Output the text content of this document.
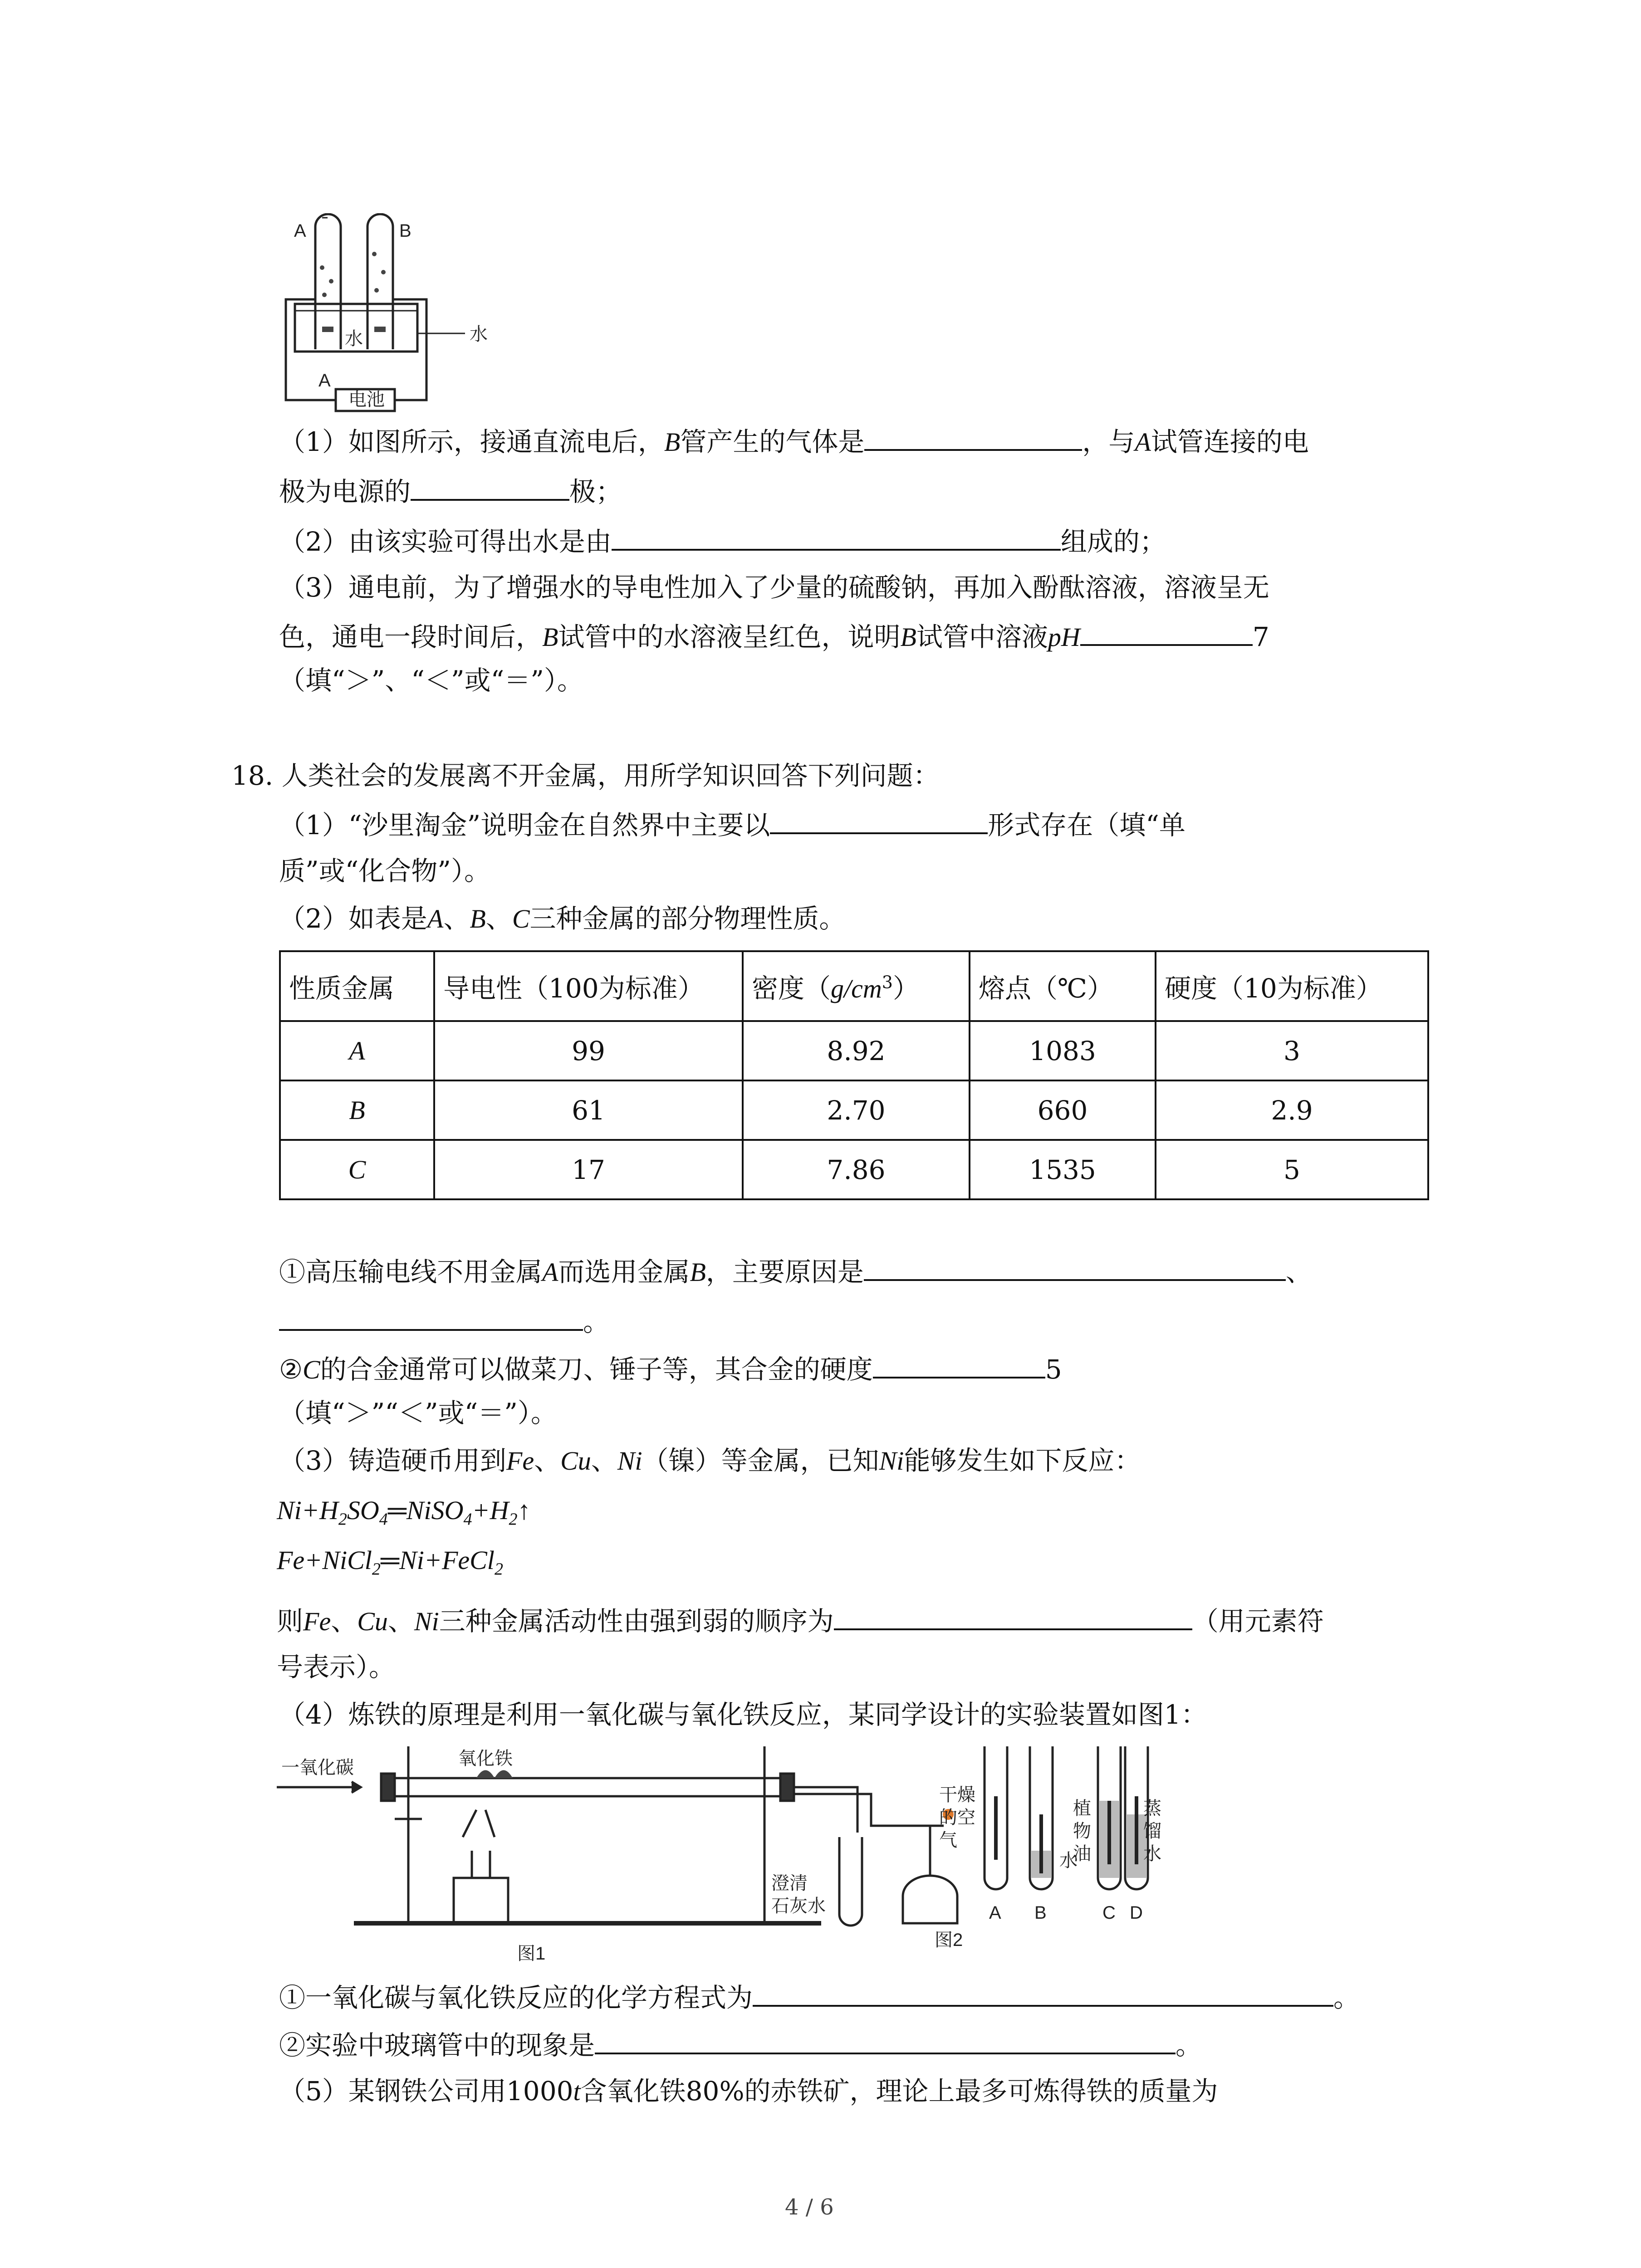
A	B
水
水
A
电池
（1）如图所示，接通直流电后，B管产生的气体是	，与A试管连接的电
极为电源的	极；
（2）由该实验可得出水是由	组成的；
（3）通电前，为了增强水的导电性加入了少量的硫酸钠，再加入酚酞溶液，溶液呈无
色，通电一段时间后，B试管中的水溶液呈红色，说明B试管中溶液pH	7
（填“＞”、“＜”或“＝”）。
18. 人类社会的发展离不开金属，用所学知识回答下列问题：
（1）“沙里淘金”说明金在自然界中主要以	形式存在（填“单
质”或“化合物”）。
（2）如表是A、B、C三种金属的部分物理性质。
性质金属	导电性（100为标准）	密度$(g/cm^3)$	熔点（℃）	硬度（10为标准）
A	99	8.92	1083	3
B	61	2.70	660	2.9
C	17	7.86	1535	5
①高压输电线不用金属A而选用金属B，主要原因是	、
。
②C的合金通常可以做菜刀、锤子等，其合金的硬度	5
（填“＞”“＜”或“＝”）。
（3）铸造硬币用到Fe、Cu、Ni（镍）等金属，已知Ni能够发生如下反应：
$Ni+H_2SO_4═NiSO_4+H_2↑$
Fe+NiCl$_2$═Ni+FeCl$_2$
则Fe、Cu、Ni三种金属活动性由强到弱的顺序为	（用元素符
号表示）。
（4）炼铁的原理是利用一氧化碳与氧化铁反应，某同学设计的实验装置如图1：
一氧化碳	氧化铁
澄清
石灰水
图1
干燥
的空
气
水
植
物
油
蒸
馏
水
A B	C D
图2
①一氧化碳与氧化铁反应的化学方程式为	。
②实验中玻璃管中的现象是	。
（5）某钢铁公司用1000t含氧化铁80%的赤铁矿，理论上最多可炼得铁的质量为
4 / 6
